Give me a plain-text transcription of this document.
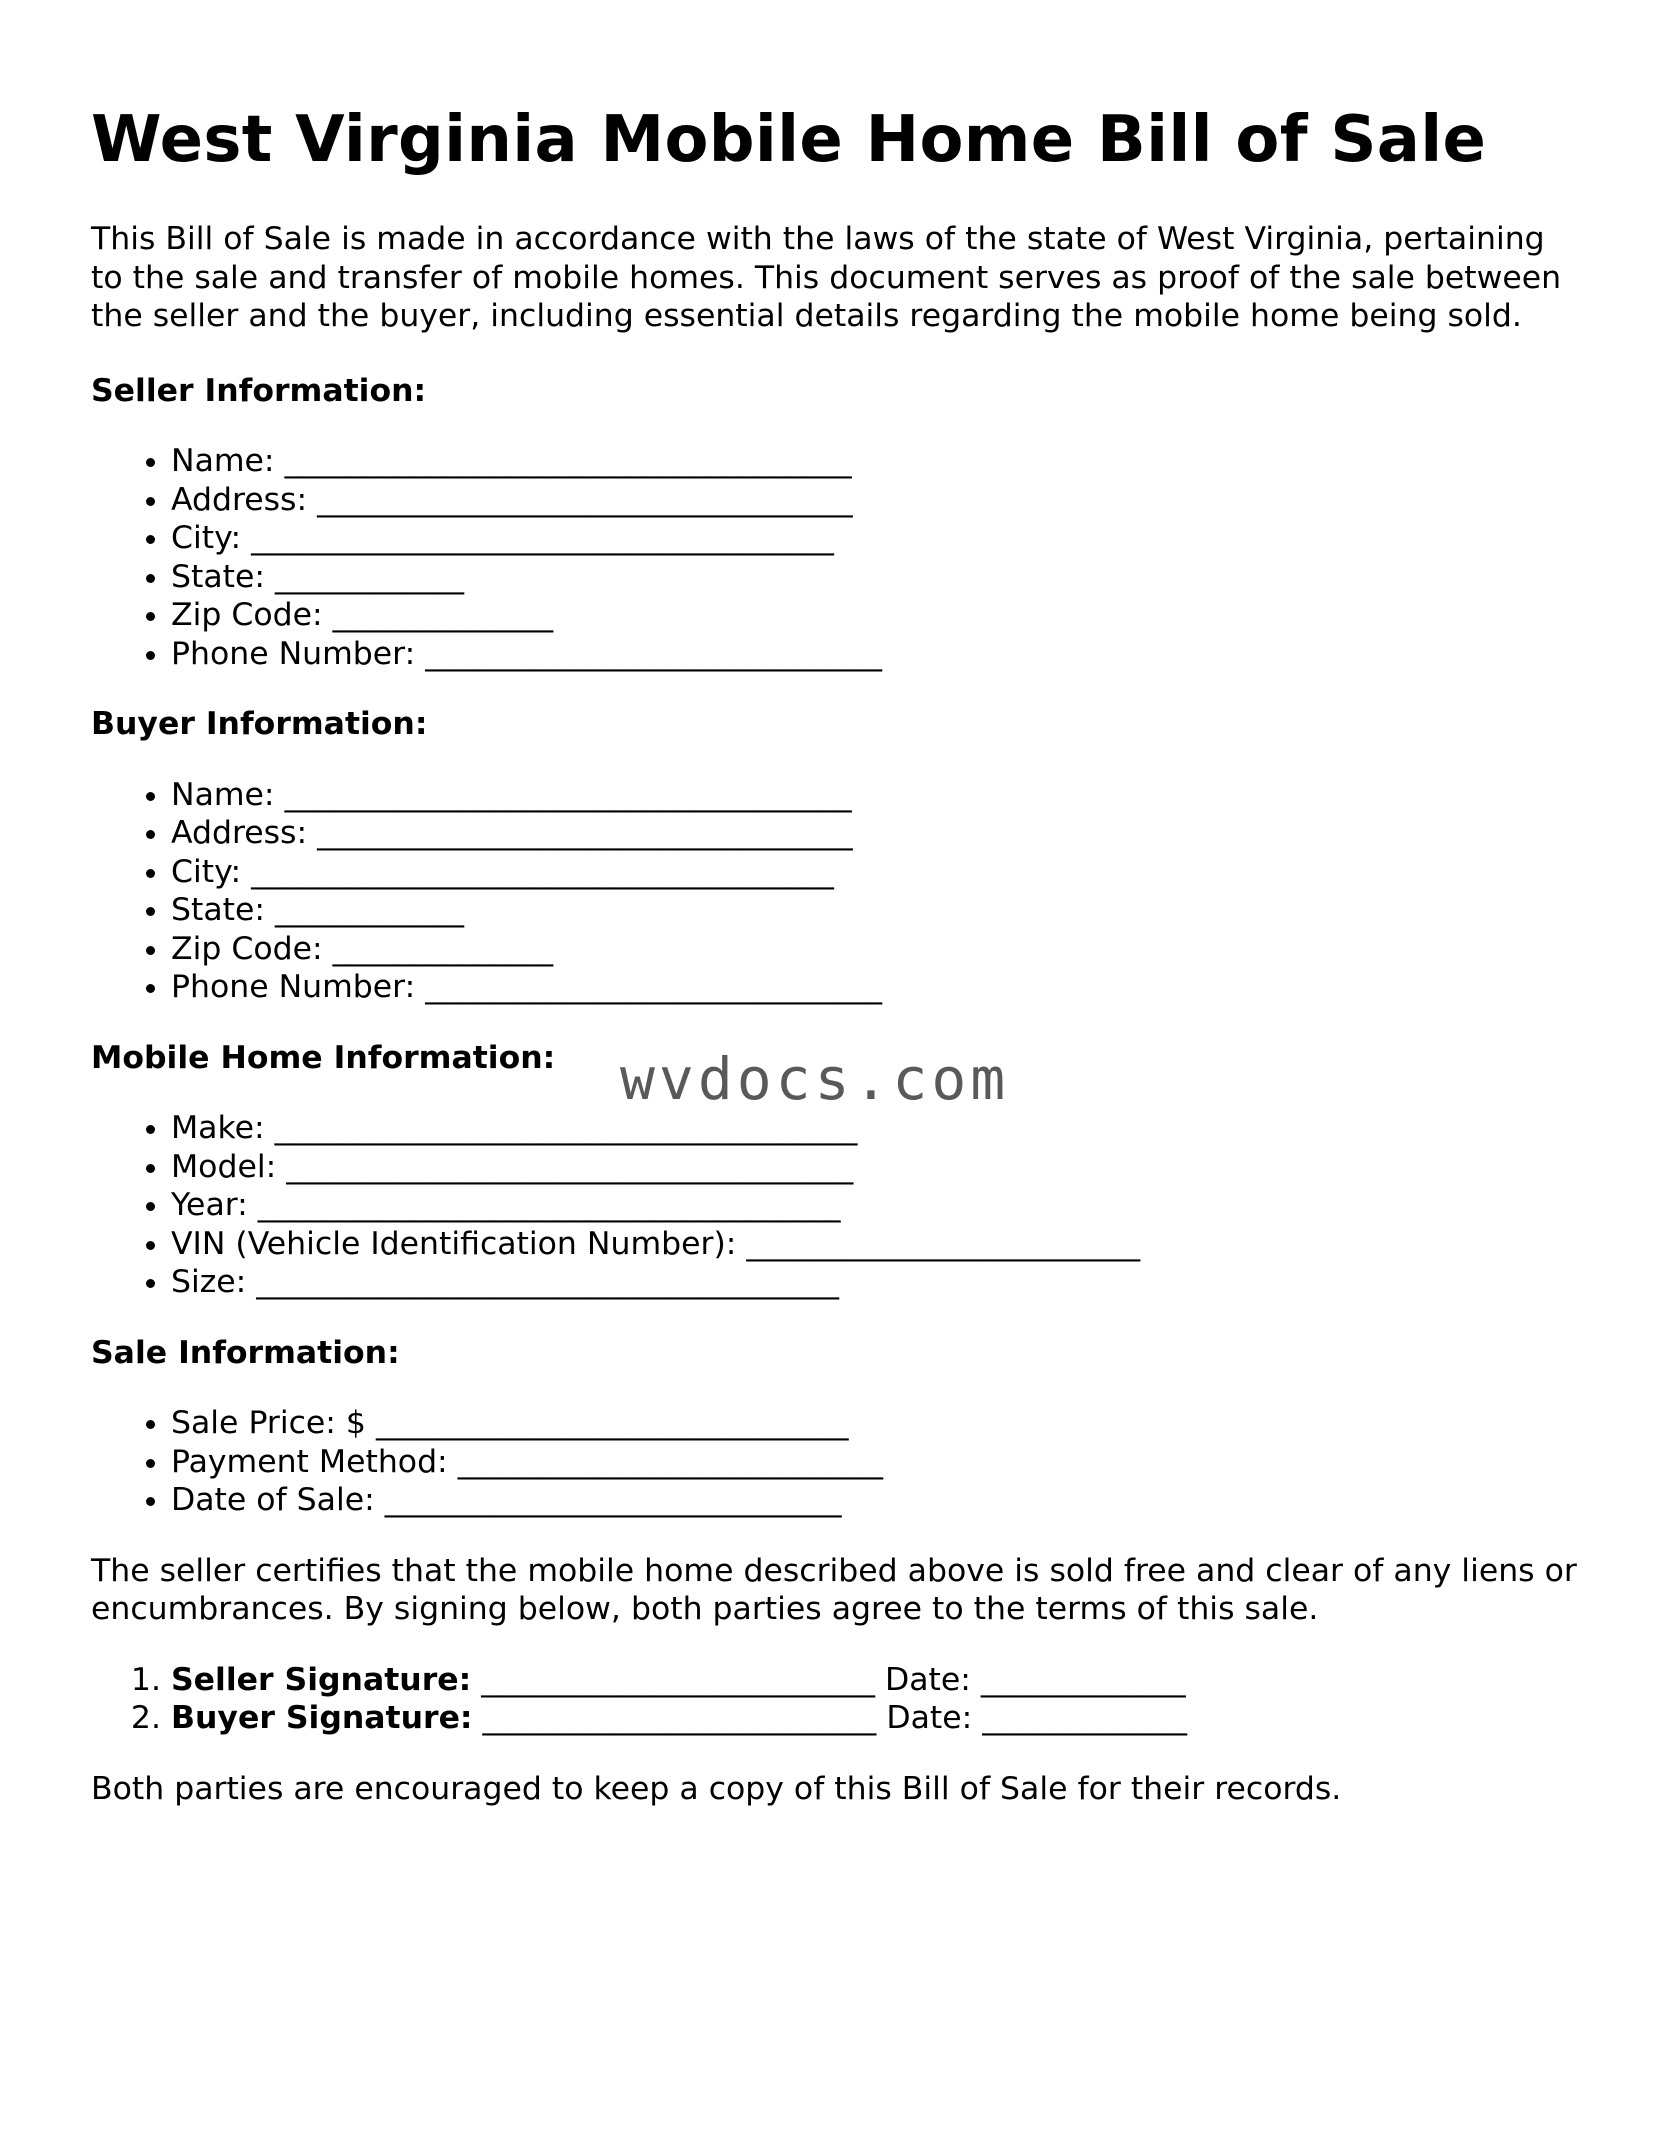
West Virginia Mobile Home Bill of Sale

This Bill of Sale is made in accordance with the laws of the state of West Virginia, pertaining to the sale and transfer of mobile homes. This document serves as proof of the sale between the seller and the buyer, including essential details regarding the mobile home being sold.

Seller Information:
• Name: ____________________________________
• Address: __________________________________
• City: _____________________________________
• State: ____________
• Zip Code: ______________
• Phone Number: _____________________________
Buyer Information:
• Name: ____________________________________
• Address: __________________________________
• City: _____________________________________
• State: ____________
• Zip Code: ______________
• Phone Number: _____________________________
Mobile Home Information:
• Make: _____________________________________
• Model: ____________________________________
• Year: _____________________________________
• VIN (Vehicle Identification Number): _________________________
• Size: _____________________________________
Sale Information:
• Sale Price: $ ______________________________
• Payment Method: ___________________________
• Date of Sale: _____________________________

The seller certifies that the mobile home described above is sold free and clear of any liens or encumbrances. By signing below, both parties agree to the terms of this sale.

1. Seller Signature: _________________________ Date: _____________
2. Buyer Signature: _________________________ Date: _____________

Both parties are encouraged to keep a copy of this Bill of Sale for their records.

wvdocs.com
